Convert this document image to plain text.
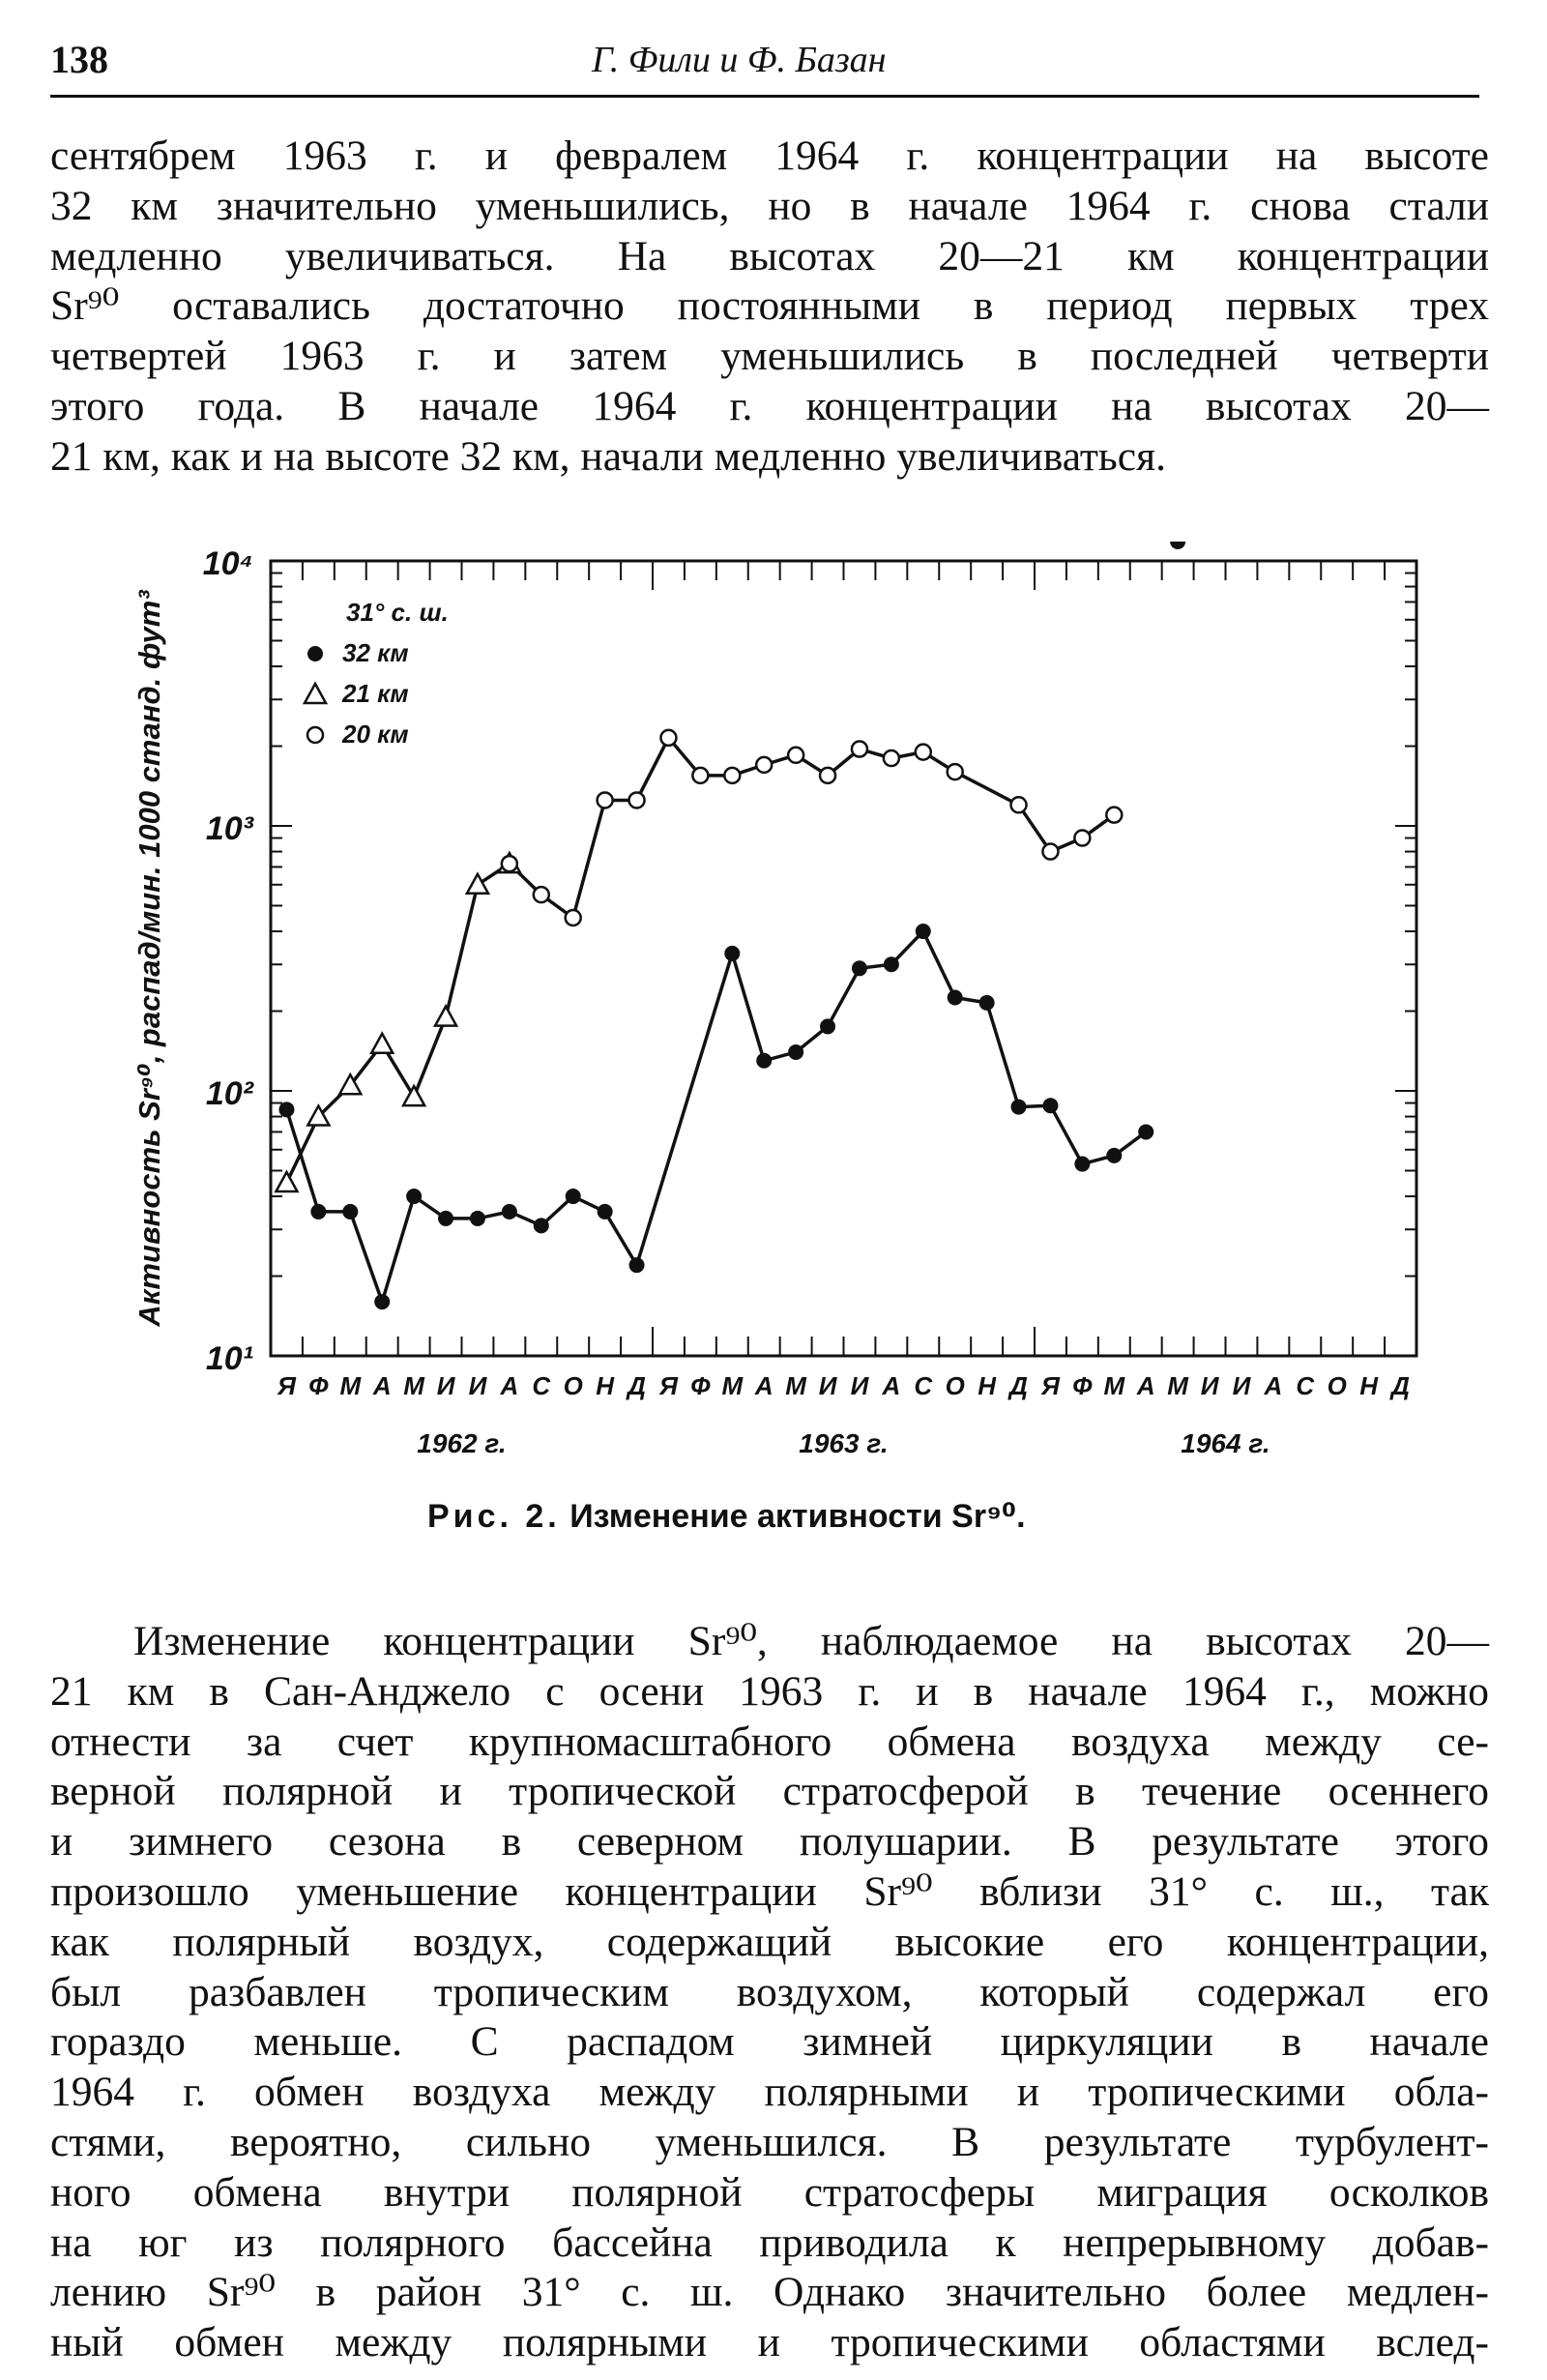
138	Г. Фили и Ф. Базан
сентябрем 1963 г. и февралем 1964 г. концентрации на высоте
32 км значительно уменьшились, но в начале 1964 г. снова стали
медленно увеличиваться. На высотах 20—21 км концентрации
Sr⁹⁰ оставались достаточно постоянными в период первых трех
четвертей 1963 г. и затем уменьшились в последней четверти
этого года. В начале 1964 г. концентрации на высотах 20—
21 км, как и на высоте 32 км, начали медленно увеличиваться.
10¹
10²
10³
10⁴
Я Ф М А М И И А С О Н Д Я Ф М А М И И А С О Н Д Я Ф М А М И И А С О Н Д
1962 г.	1963 г.	1964 г.
Активность Sr⁹⁰, распад/мин. 1000 станд. фут³	31° с. ш.
32 км
21 км
20 км
Рис. 2. Изменение активности Sr⁹⁰.
Изменение концентрации Sr⁹⁰, наблюдаемое на высотах 20—
21 км в Сан-Анджело с осени 1963 г. и в начале 1964 г., можно
отнести за счет крупномасштабного обмена воздуха между се-
верной полярной и тропической стратосферой в течение осеннего
и зимнего сезона в северном полушарии. В результате этого
произошло уменьшение концентрации Sr⁹⁰ вблизи 31° с. ш., так
как полярный воздух, содержащий высокие его концентрации,
был разбавлен тропическим воздухом, который содержал его
гораздо меньше. С распадом зимней циркуляции в начале
1964 г. обмен воздуха между полярными и тропическими обла-
стями, вероятно, сильно уменьшился. В результате турбулент-
ного обмена внутри полярной стратосферы миграция осколков
на юг из полярного бассейна приводила к непрерывному добав-
лению Sr⁹⁰ в район 31° с. ш. Однако значительно более медлен-
ный обмен между полярными и тропическими областями вслед-
